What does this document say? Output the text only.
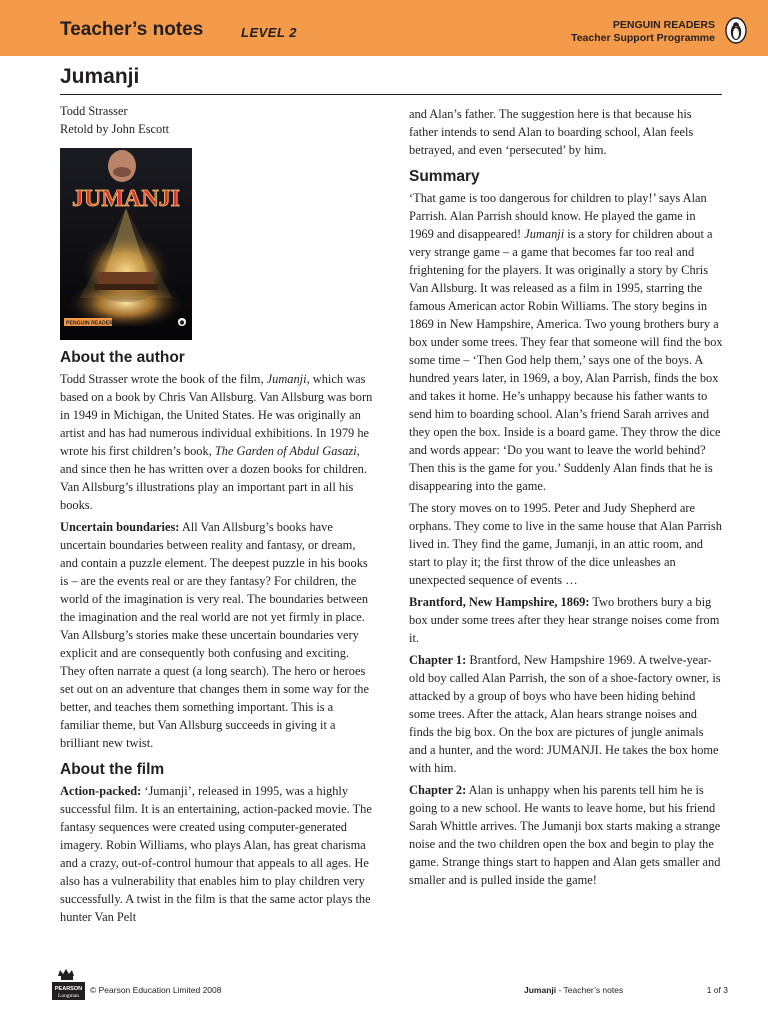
Teacher’s notes	LEVEL 2	PENGUIN READERS
Teacher Support Programme
Jumanji
Todd Strasser
Retold by John Escott
JUMANJI
PENGUIN READERS
About the author

Todd Strasser wrote the book of the film, Jumanji, which was based on a book by Chris Van Allsburg. Van Allsburg was born in 1949 in Michigan, the United States. He was originally an artist and has had numerous individual exhibitions. In 1979 he wrote his first children’s book, The Garden of Abdul Gasazi, and since then he has written over a dozen books for children. Van Allsburg’s illustrations play an important part in all his books.

Uncertain boundaries: All Van Allsburg’s books have uncertain boundaries between reality and fantasy, or dream, and contain a puzzle element. The deepest puzzle in his books is – are the events real or are they fantasy? For children, the world of the imagination is very real. The boundaries between the imagination and the real world are not yet firmly in place. Van Allsburg’s stories make these uncertain boundaries very explicit and are consequently both confusing and exciting. They often narrate a quest (a long search). The hero or heroes set out on an adventure that changes them in some way for the better, and teaches them something important. This is a familiar theme, but Van Allsburg succeeds in giving it a brilliant new twist.

About the film

Action-packed: ‘Jumanji’, released in 1995, was a highly successful film. It is an entertaining, action-packed movie. The fantasy sequences were created using computer-generated imagery. Robin Williams, who plays Alan, has great charisma and a crazy, out-of-control humour that appeals to all ages. He also has a vulnerability that enables him to play children very successfully. A twist in the film is that the same actor plays the hunter Van Pelt

and Alan’s father. The suggestion here is that because his father intends to send Alan to boarding school, Alan feels betrayed, and even ‘persecuted’ by him.

Summary

‘That game is too dangerous for children to play!’ says Alan Parrish. Alan Parrish should know. He played the game in 1969 and disappeared! Jumanji is a story for children about a very strange game – a game that becomes far too real and frightening for the players. It was originally a story by Chris Van Allsburg. It was released as a film in 1995, starring the famous American actor Robin Williams. The story begins in 1869 in New Hampshire, America. Two young brothers bury a box under some trees. They fear that someone will find the box some time – ‘Then God help them,’ says one of the boys. A hundred years later, in 1969, a boy, Alan Parrish, finds the box and takes it home. He’s unhappy because his father wants to send him to boarding school. Alan’s friend Sarah arrives and they open the box. Inside is a board game. They throw the dice and words appear: ‘Do you want to leave the world behind? Then this is the game for you.’ Suddenly Alan finds that he is disappearing into the game.

The story moves on to 1995. Peter and Judy Shepherd are orphans. They come to live in the same house that Alan Parrish lived in. They find the game, Jumanji, in an attic room, and start to play it; the first throw of the dice unleashes an unexpected sequence of events …

Brantford, New Hampshire, 1869: Two brothers bury a big box under some trees after they hear strange noises come from it.

Chapter 1: Brantford, New Hampshire 1969. A twelve-year-old boy called Alan Parrish, the son of a shoe-factory owner, is attacked by a group of boys who have been hiding behind some trees. After the attack, Alan hears strange noises and finds the big box. On the box are pictures of jungle animals and a hunter, and the word: JUMANJI. He takes the box home with him.

Chapter 2: Alan is unhappy when his parents tell him he is going to a new school. He wants to leave home, but his friend Sarah Whittle arrives. The Jumanji box starts making a strange noise and the two children open the box and begin to play the game. Strange things start to happen and Alan gets smaller and smaller and is pulled inside the game!

PEARSON
Longman
© Pearson Education Limited 2008	Jumanji - Teacher’s notes	1 of 3
